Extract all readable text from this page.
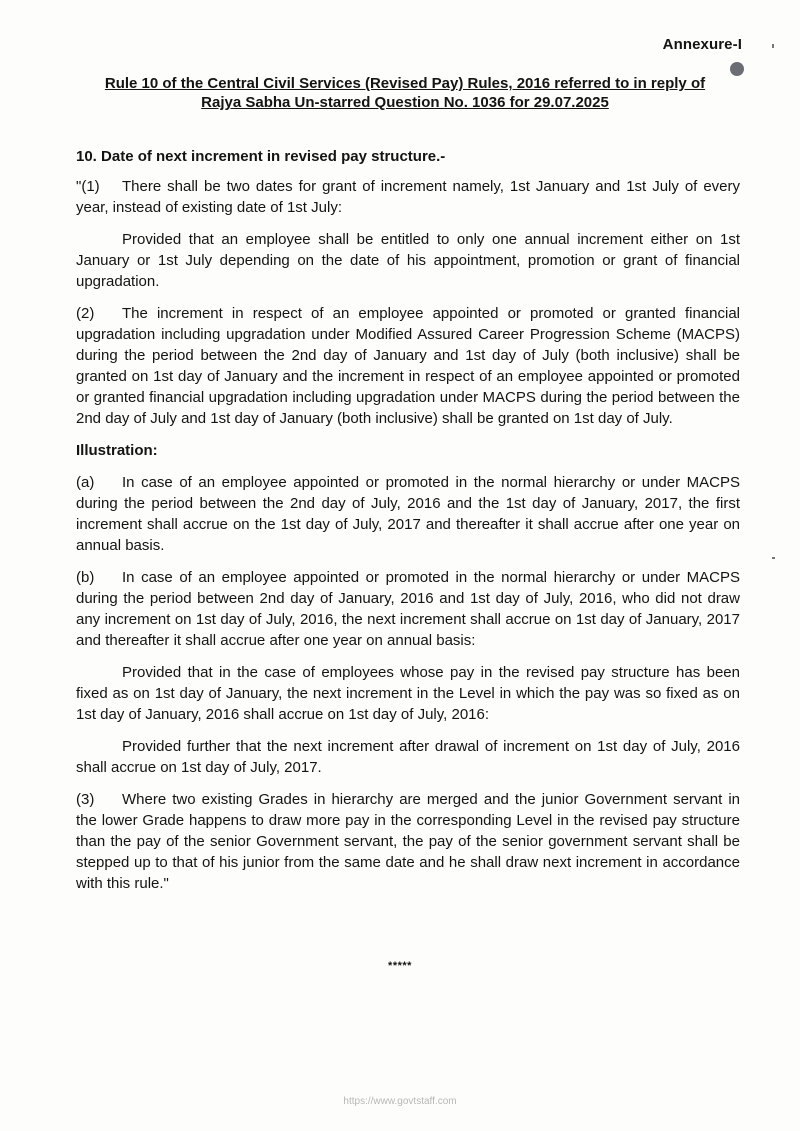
Annexure-I
Rule 10 of the Central Civil Services (Revised Pay) Rules, 2016 referred to in reply of
Rajya Sabha Un-starred Question No. 1036 for 29.07.2025

10. Date of next increment in revised pay structure.-

"(1) There shall be two dates for grant of increment namely, 1st January and 1st July of every year, instead of existing date of 1st July:

Provided that an employee shall be entitled to only one annual increment either on 1st January or 1st July depending on the date of his appointment, promotion or grant of financial upgradation.

(2) The increment in respect of an employee appointed or promoted or granted financial upgradation including upgradation under Modified Assured Career Progression Scheme (MACPS) during the period between the 2nd day of January and 1st day of July (both inclusive) shall be granted on 1st day of January and the increment in respect of an employee appointed or promoted or granted financial upgradation including upgradation under MACPS during the period between the 2nd day of July and 1st day of January (both inclusive) shall be granted on 1st day of July.

Illustration:

(a) In case of an employee appointed or promoted in the normal hierarchy or under MACPS during the period between the 2nd day of July, 2016 and the 1st day of January, 2017, the first increment shall accrue on the 1st day of July, 2017 and thereafter it shall accrue after one year on annual basis.

(b) In case of an employee appointed or promoted in the normal hierarchy or under MACPS during the period between 2nd day of January, 2016 and 1st day of July, 2016, who did not draw any increment on 1st day of July, 2016, the next increment shall accrue on 1st day of January, 2017 and thereafter it shall accrue after one year on annual basis:

Provided that in the case of employees whose pay in the revised pay structure has been fixed as on 1st day of January, the next increment in the Level in which the pay was so fixed as on 1st day of January, 2016 shall accrue on 1st day of July, 2016:

Provided further that the next increment after drawal of increment on 1st day of July, 2016 shall accrue on 1st day of July, 2017.

(3) Where two existing Grades in hierarchy are merged and the junior Government servant in the lower Grade happens to draw more pay in the corresponding Level in the revised pay structure than the pay of the senior Government servant, the pay of the senior government servant shall be stepped up to that of his junior from the same date and he shall draw next increment in accordance with this rule."

*****
https://www.govtstaff.com
